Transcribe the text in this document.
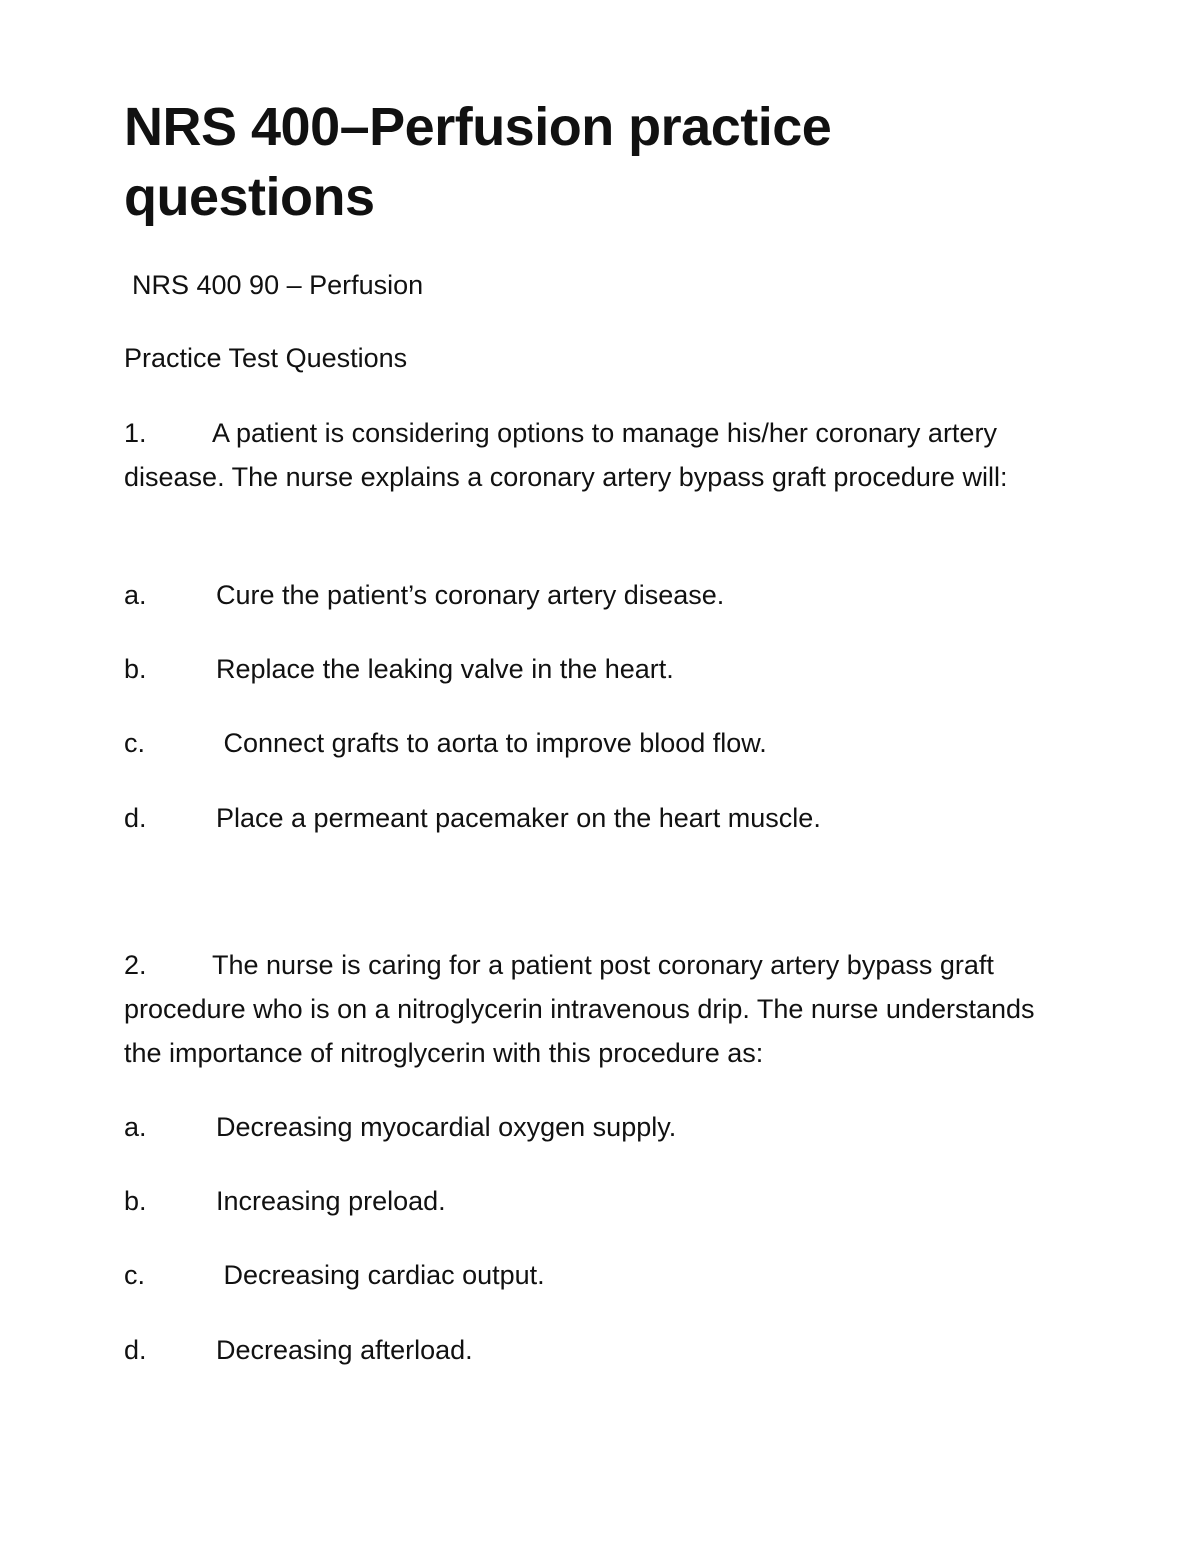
NRS 400–Perfusion practice questions

NRS 400 90 – Perfusion

Practice Test Questions

1. A patient is considering options to manage his/her coronary artery disease. The nurse explains a coronary artery bypass graft procedure will:

a.	Cure the patient’s coronary artery disease.
b.	Replace the leaking valve in the heart.
c.	Connect grafts to aorta to improve blood flow.
d.	Place a permeant pacemaker on the heart muscle.

2. The nurse is caring for a patient post coronary artery bypass graft procedure who is on a nitroglycerin intravenous drip. The nurse understands the importance of nitroglycerin with this procedure as:

a.	Decreasing myocardial oxygen supply.
b.	Increasing preload.
c.	Decreasing cardiac output.
d.	Decreasing afterload.
